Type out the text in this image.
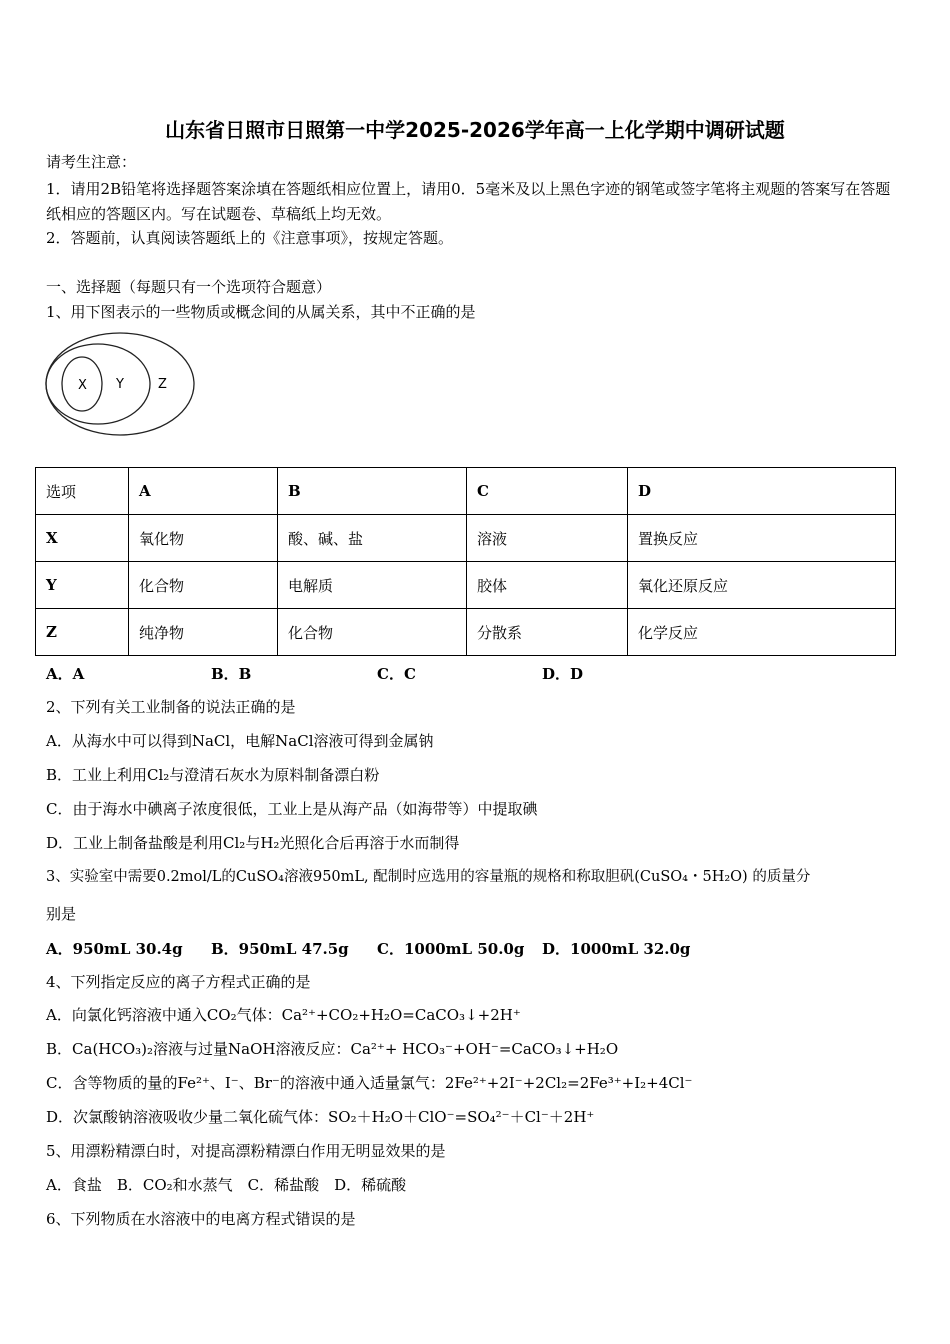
山东省日照市日照第一中学2025-2026学年高一上化学期中调研试题
请考生注意：
1．请用2B铅笔将选择题答案涂填在答题纸相应位置上，请用0．5毫米及以上黑色字迹的钢笔或签字笔将主观题的答案写在答题纸相应的答题区内。写在试题卷、草稿纸上均无效。
2．答题前，认真阅读答题纸上的《注意事项》，按规定答题。
一、选择题（每题只有一个选项符合题意）
1、用下图表示的一些物质或概念间的从属关系，其中不正确的是
X Y	Z
选项	A	B	C	D
X	氧化物	酸、碱、盐	溶液	置换反应
Y	化合物	电解质	胶体	氧化还原反应
Z	纯净物	化合物	分散系	化学反应
A．A	B．B	C．C	D．D
2、下列有关工业制备的说法正确的是
A．从海水中可以得到NaCl，电解NaCl溶液可得到金属钠
B．工业上利用Cl₂与澄清石灰水为原料制备漂白粉
C．由于海水中碘离子浓度很低，工业上是从海产品（如海带等）中提取碘
D．工业上制备盐酸是利用Cl₂与H₂光照化合后再溶于水而制得
3、实验室中需要0.2mol/L的CuSO₄溶液950mL, 配制时应选用的容量瓶的规格和称取胆矾(CuSO₄・5H₂O) 的质量分
别是
A．950mL 30.4g B．950mL 47.5g C．1000mL 50.0g D．1000mL 32.0g
4、下列指定反应的离子方程式正确的是
A．向氯化钙溶液中通入CO₂气体：Ca²⁺+CO₂+H₂O=CaCO₃↓+2H⁺
B．Ca(HCO₃)₂溶液与过量NaOH溶液反应：Ca²⁺+ HCO₃⁻+OH⁻=CaCO₃↓+H₂O
C．含等物质的量的Fe²⁺、I⁻、Br⁻的溶液中通入适量氯气：2Fe²⁺+2I⁻+2Cl₂=2Fe³⁺+I₂+4Cl⁻
D．次氯酸钠溶液吸收少量二氧化硫气体：SO₂＋H₂O＋ClO⁻=SO₄²⁻＋Cl⁻＋2H⁺
5、用漂粉精漂白时，对提高漂粉精漂白作用无明显效果的是
A．食盐　B．CO₂和水蒸气　C．稀盐酸　D．稀硫酸
6、下列物质在水溶液中的电离方程式错误的是
